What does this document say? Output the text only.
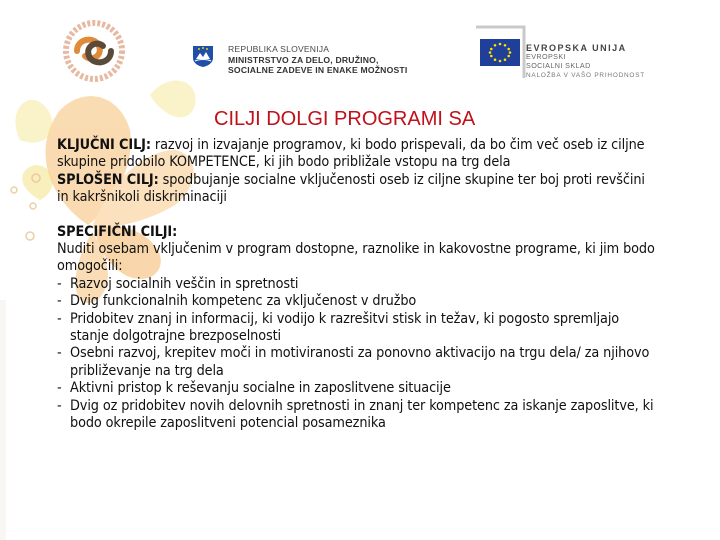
REPUBLIKA SLOVENIJA
MINISTRSTVO ZA DELO, DRUŽINO,
SOCIALNE ZADEVE IN ENAKE MOŽNOSTI
EVROPSKA UNIJA
EVROPSKI
SOCIALNI SKLAD
NALOŽBA V VAŠO PRIHODNOST
CILJI DOLGI PROGRAMI SA

KLJUČNI CILJ: razvoj in izvajanje programov, ki bodo prispevali, da bo čim več oseb iz ciljne skupine pridobilo KOMPETENCE, ki jih bodo približale vstopu na trg dela

SPLOŠEN CILJ: spodbujanje socialne vključenosti oseb iz ciljne skupine ter boj proti revščini in kakršnikoli diskriminaciji

SPECIFIČNI CILJI:

Nuditi osebam vključenim v program dostopne, raznolike in kakovostne programe, ki jim bodo omogočili:

- Razvoj socialnih veščin in spretnosti
- Dvig funkcionalnih kompetenc za vključenost v družbo
- Pridobitev znanj in informacij, ki vodijo k razrešitvi stisk in težav, ki pogosto spremljajo stanje dolgotrajne brezposelnosti
- Osebni razvoj, krepitev moči in motiviranosti za ponovno aktivacijo na trgu dela/ za njihovo približevanje na trg dela
- Aktivni pristop k reševanju socialne in zaposlitvene situacije
- Dvig oz pridobitev novih delovnih spretnosti in znanj ter kompetenc za iskanje zaposlitve, ki bodo okrepile zaposlitveni potencial posameznika
